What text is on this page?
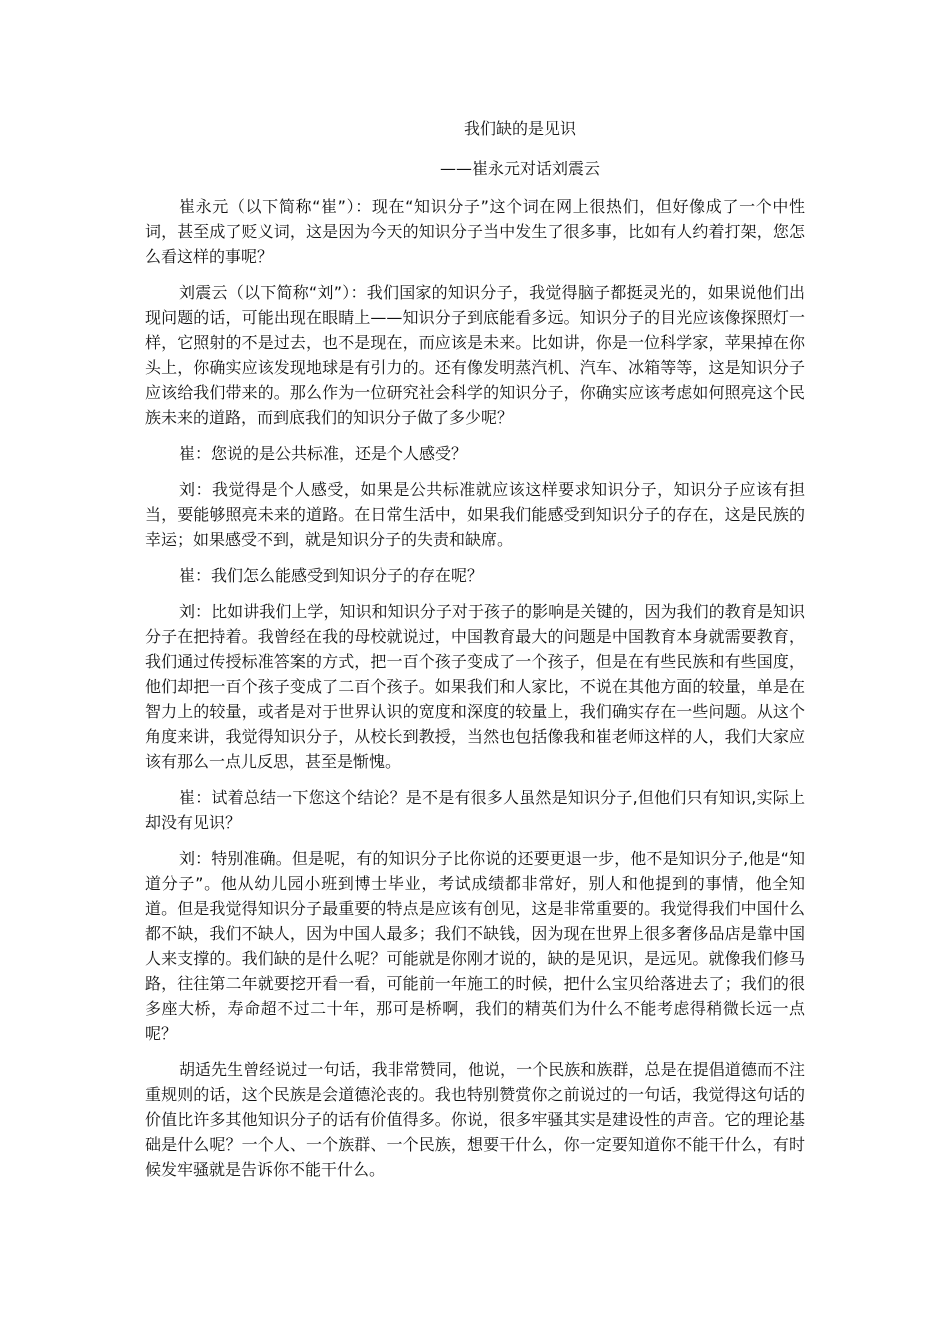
我们缺的是见识
——崔永元对话刘震云

崔永元（以下简称“崔”）：现在“知识分子”这个词在网上很热们，但好像成了一个中性词，甚至成了贬义词，这是因为今天的知识分子当中发生了很多事，比如有人约着打架，您怎么看这样的事呢？

刘震云（以下简称“刘”）：我们国家的知识分子，我觉得脑子都挺灵光的，如果说他们出现问题的话，可能出现在眼睛上——知识分子到底能看多远。知识分子的目光应该像探照灯一样，它照射的不是过去，也不是现在，而应该是未来。比如讲，你是一位科学家，苹果掉在你头上，你确实应该发现地球是有引力的。还有像发明蒸汽机、汽车、冰箱等等，这是知识分子应该给我们带来的。那么作为一位研究社会科学的知识分子，你确实应该考虑如何照亮这个民族未来的道路，而到底我们的知识分子做了多少呢？

崔：您说的是公共标准，还是个人感受？

刘：我觉得是个人感受，如果是公共标准就应该这样要求知识分子，知识分子应该有担当，要能够照亮未来的道路。在日常生活中，如果我们能感受到知识分子的存在，这是民族的幸运；如果感受不到，就是知识分子的失责和缺席。

崔：我们怎么能感受到知识分子的存在呢？

刘：比如讲我们上学，知识和知识分子对于孩子的影响是关键的，因为我们的教育是知识分子在把持着。我曾经在我的母校就说过，中国教育最大的问题是中国教育本身就需要教育，我们通过传授标准答案的方式，把一百个孩子变成了一个孩子，但是在有些民族和有些国度，他们却把一百个孩子变成了二百个孩子。如果我们和人家比，不说在其他方面的较量，单是在智力上的较量，或者是对于世界认识的宽度和深度的较量上，我们确实存在一些问题。从这个角度来讲，我觉得知识分子，从校长到教授，当然也包括像我和崔老师这样的人，我们大家应该有那么一点儿反思，甚至是惭愧。

崔：试着总结一下您这个结论？是不是有很多人虽然是知识分子,但他们只有知识,实际上却没有见识？

刘：特别准确。但是呢，有的知识分子比你说的还要更退一步，他不是知识分子,他是“知道分子”。他从幼儿园小班到博士毕业，考试成绩都非常好，别人和他提到的事情，他全知道。但是我觉得知识分子最重要的特点是应该有创见，这是非常重要的。我觉得我们中国什么都不缺，我们不缺人，因为中国人最多；我们不缺钱，因为现在世界上很多奢侈品店是靠中国人来支撑的。我们缺的是什么呢？可能就是你刚才说的，缺的是见识，是远见。就像我们修马路，往往第二年就要挖开看一看，可能前一年施工的时候，把什么宝贝给落进去了；我们的很多座大桥，寿命超不过二十年，那可是桥啊，我们的精英们为什么不能考虑得稍微长远一点呢？

胡适先生曾经说过一句话，我非常赞同，他说，一个民族和族群，总是在提倡道德而不注重规则的话，这个民族是会道德沦丧的。我也特别赞赏你之前说过的一句话，我觉得这句话的价值比许多其他知识分子的话有价值得多。你说，很多牢骚其实是建设性的声音。它的理论基础是什么呢？一个人、一个族群、一个民族，想要干什么，你一定要知道你不能干什么，有时候发牢骚就是告诉你不能干什么。
